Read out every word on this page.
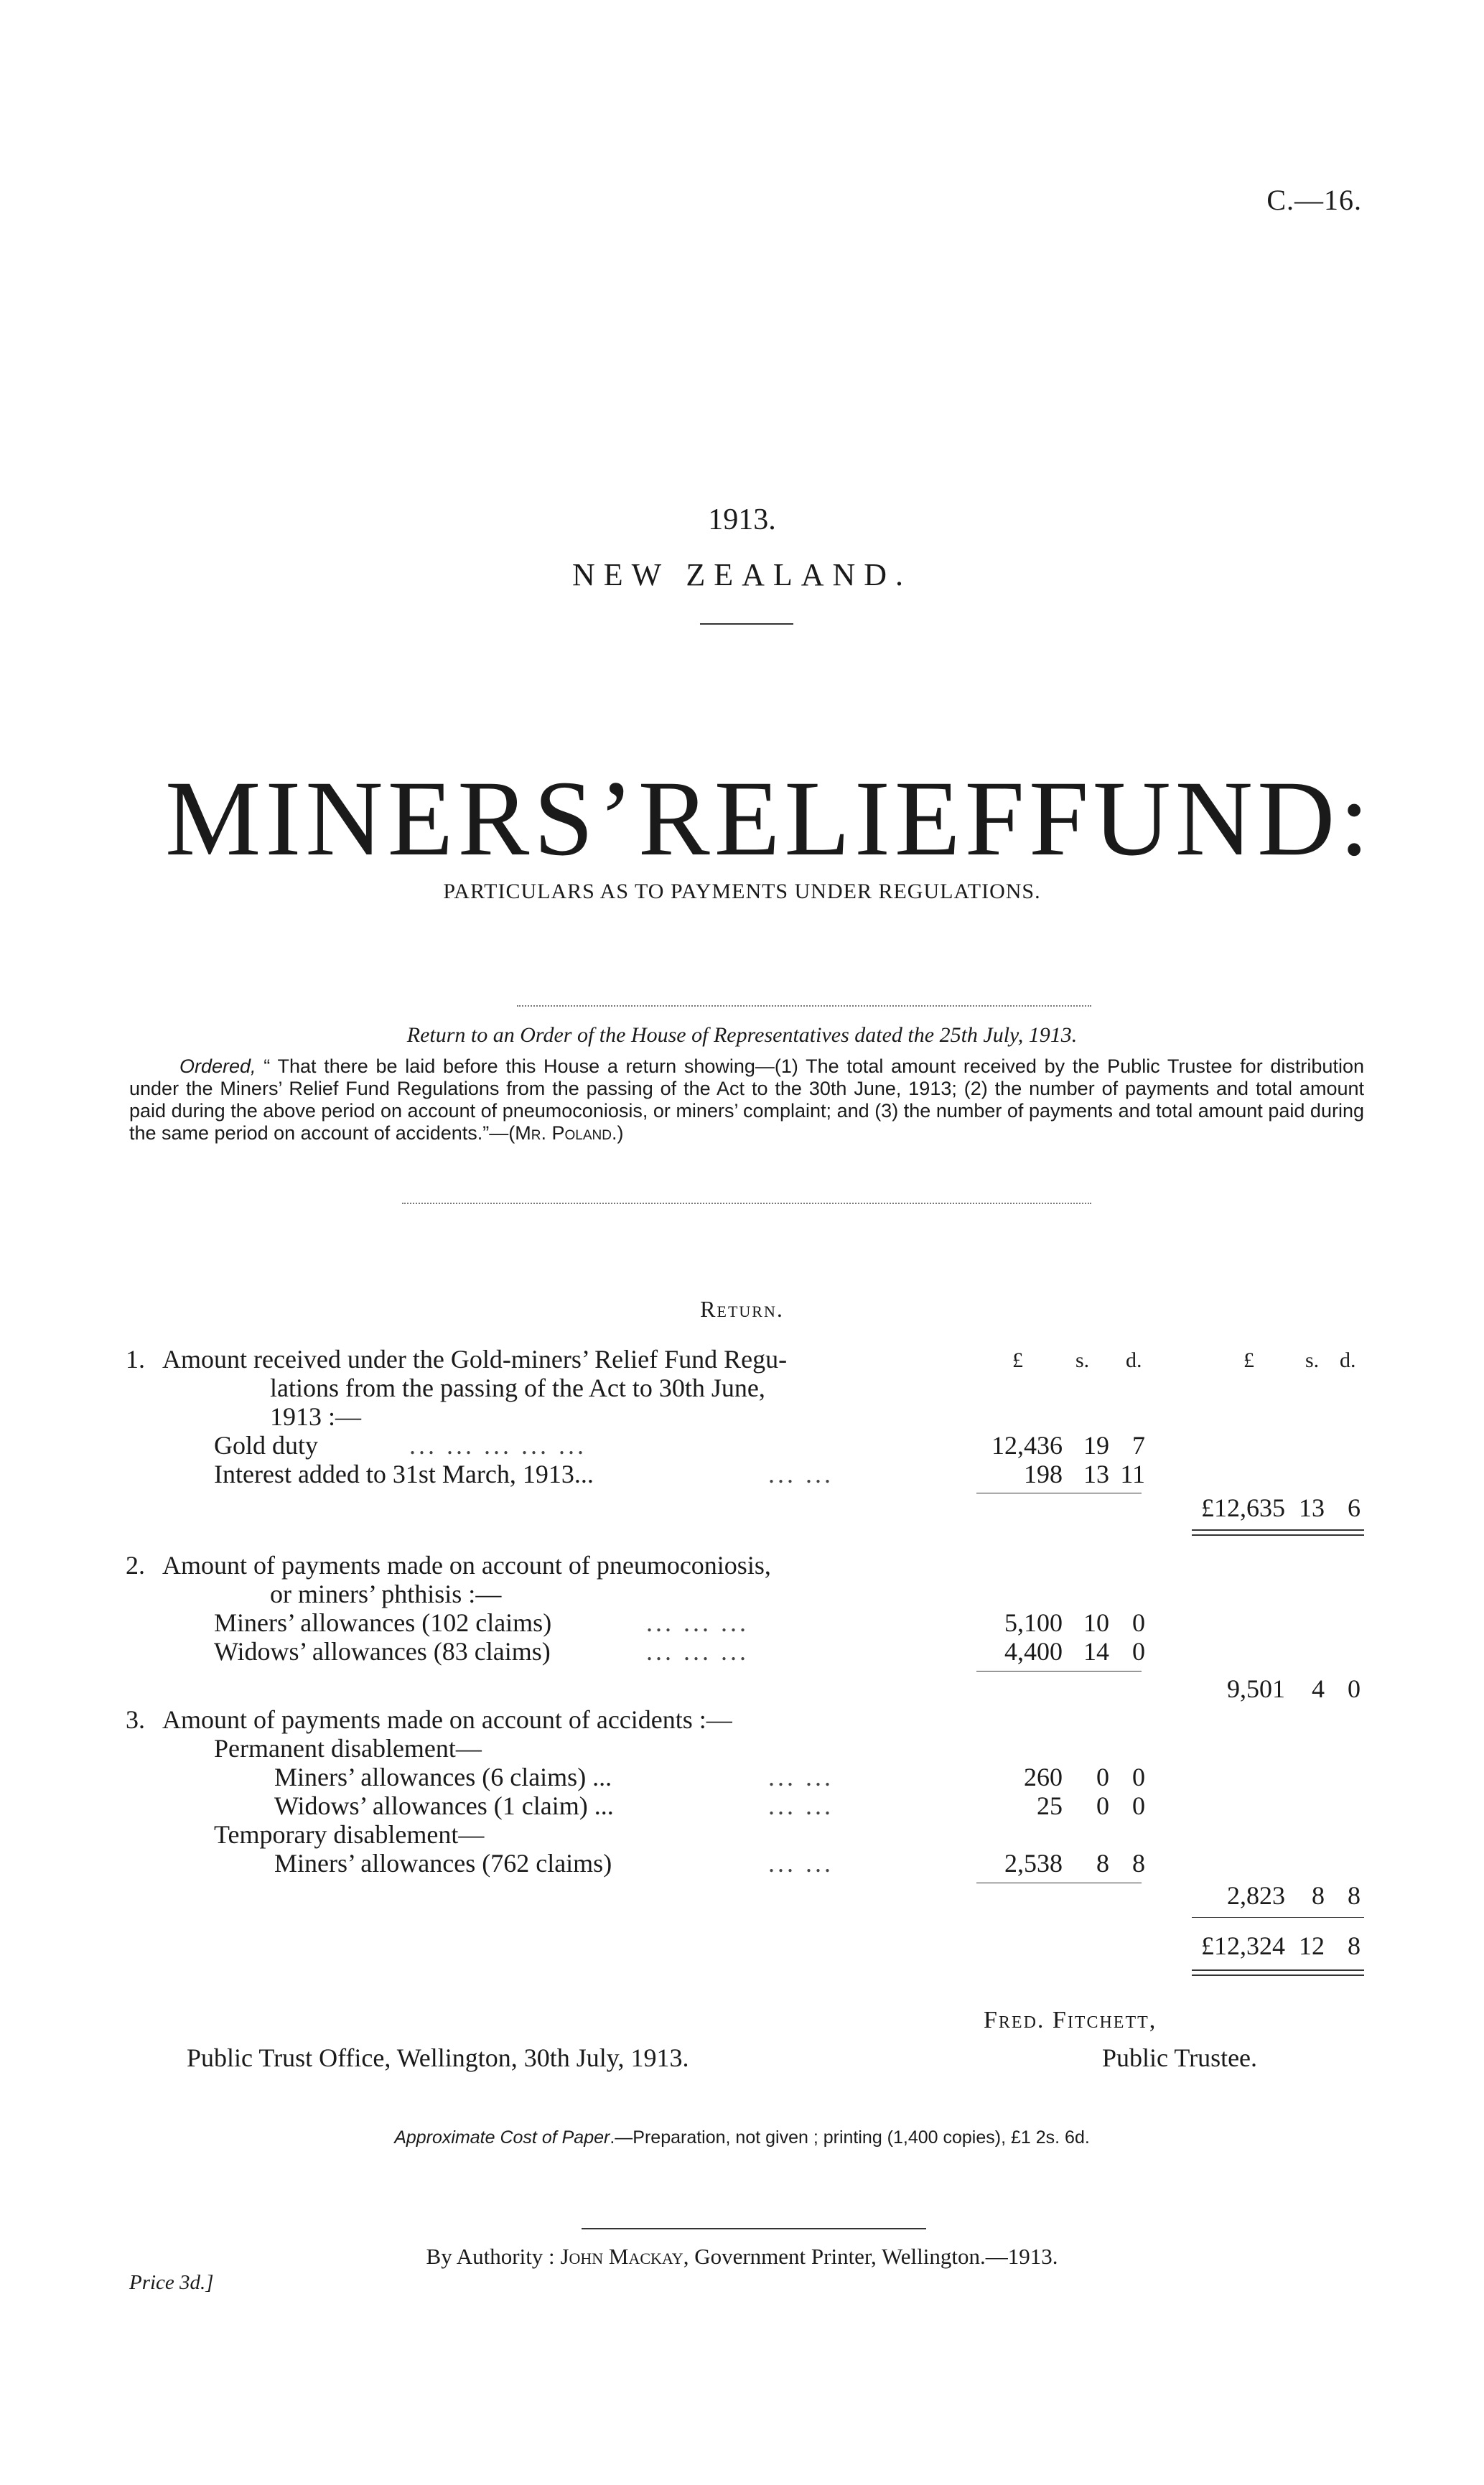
C.—16.
1913.
NEW ZEALAND.
MINERS’ RELIEF FUND:
PARTICULARS AS TO PAYMENTS UNDER REGULATIONS.
Return to an Order of the House of Representatives dated the 25th July, 1913.
Ordered, “ That there be laid before this House a return showing—(1) The total amount received by the Public Trustee for distribution under the Miners’ Relief Fund Regulations from the passing of the Act to the 30th June, 1913; (2) the number of payments and total amount paid during the above period on account of pneumoconiosis, or miners’ complaint; and (3) the number of payments and total amount paid during the same period on account of accidents.”—(Mr. Poland.)
Return.
£ s. d.	£ s. d.
1. Amount received under the Gold-miners’ Relief Fund Regu-
lations from the passing of the Act to 30th June,
1913 :—
Gold duty	... ... ... ... ...	12,436 19 7
Interest added to 31st March, 1913...	... ...	198 13 11
£12,635 13 6
2. Amount of payments made on account of pneumoconiosis,
or miners’ phthisis :—
Miners’ allowances (102 claims)	... ... ...	5,100 10 0
Widows’ allowances (83 claims)	... ... ...	4,400 14 0
9,501	4 0
3. Amount of payments made on account of accidents :—
Permanent disablement—
Miners’ allowances (6 claims) ...	... ...	260	0 0
Widows’ allowances (1 claim) ...	... ...	25	0 0
Temporary disablement—
Miners’ allowances (762 claims)	... ...	2,538	8 8
2,823	8 8
£12,324 12 8
Fred. Fitchett,
Public Trust Office, Wellington, 30th July, 1913.	Public Trustee.
Approximate Cost of Paper.—Preparation, not given ; printing (1,400 copies), £1 2s. 6d.
By Authority : John Mackay, Government Printer, Wellington.—1913.
Price 3d.]
